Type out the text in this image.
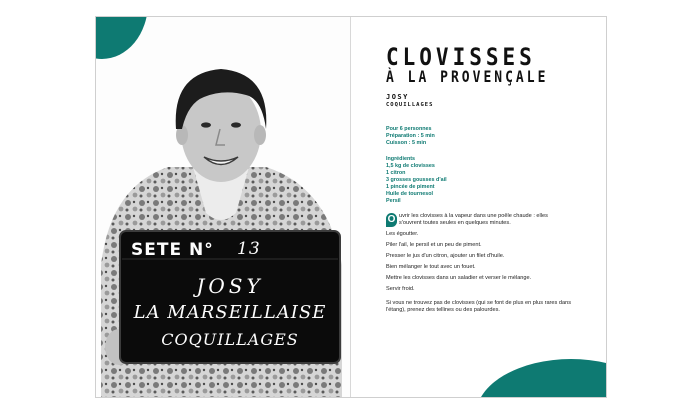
SETE N° 13
JOSY
LA MARSEILLAISE
COQUILLAGES
CLOVISSES
À LA PROVENÇALE
JOSY
COQUILLAGES
Pour 6 personnes
Préparation : 5 min
Cuisson : 5 min
Ingrédients
1,5 kg de clovisses
1 citron
3 grosses gousses d'ail
1 pincée de piment
Huile de tournesol
Persil

O uvrir les clovisses à la vapeur dans une poêle chaude : elles
s'ouvrent toutes seules en quelques minutes.

Les égoutter.

Piler l'ail, le persil et un peu de piment.

Presser le jus d'un citron, ajouter un filet d'huile.

Bien mélanger le tout avec un fouet.

Mettre les clovisses dans un saladier et verser le mélange.

Servir froid.

Si vous ne trouvez pas de clovisses (qui se font de plus en plus rares dans l'étang), prenez des tellines ou des palourdes.
